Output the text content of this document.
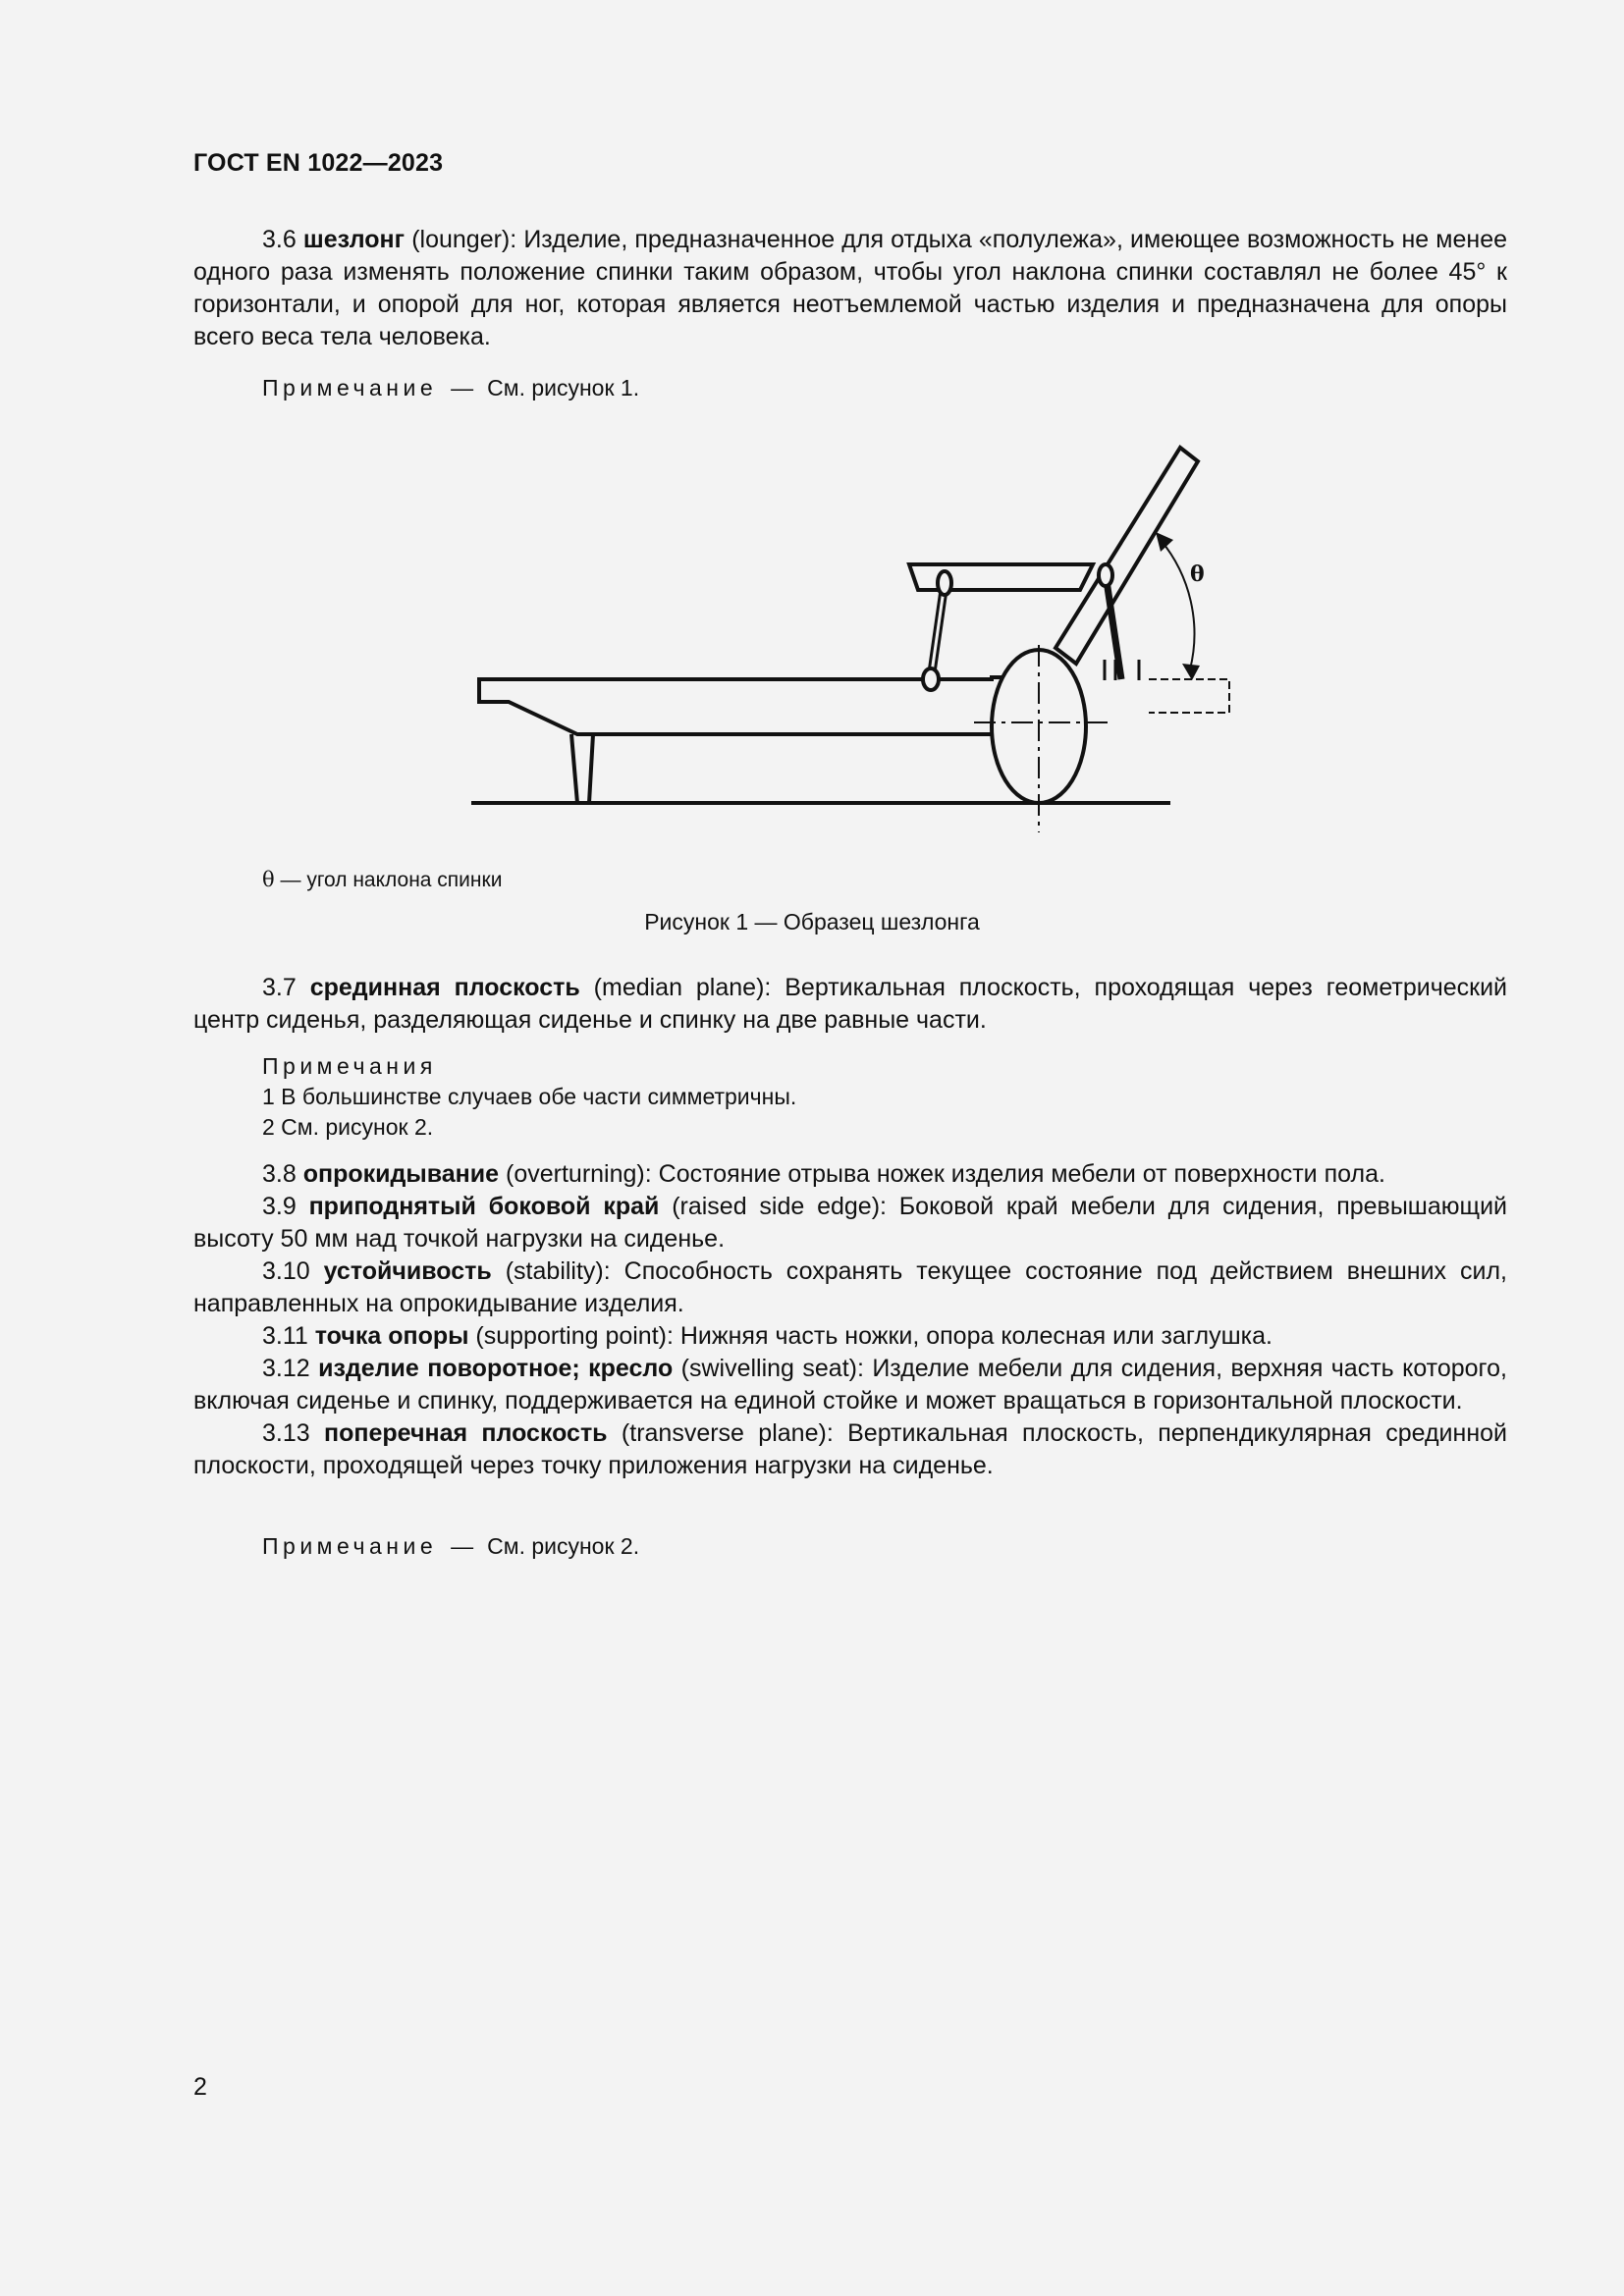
ГОСТ EN 1022—2023

3.6 шезлонг (lounger): Изделие, предназначенное для отдыха «полулежа», имеющее возможность не менее одного раза изменять положение спинки таким образом, чтобы угол наклона спинки составлял не более 45° к горизонтали, и опорой для ног, которая является неотъемлемой частью изделия и предназначена для опоры всего веса тела человека.

Примечание — См. рисунок 1.

θ
θ — угол наклона спинки
Рисунок 1 — Образец шезлонга

3.7 срединная плоскость (median plane): Вертикальная плоскость, проходящая через геометрический центр сиденья, разделяющая сиденье и спинку на две равные части.

Примечания

1 В большинстве случаев обе части симметричны.

2 См. рисунок 2.

3.8 опрокидывание (overturning): Состояние отрыва ножек изделия мебели от поверхности пола.

3.9 приподнятый боковой край (raised side edge): Боковой край мебели для сидения, превышающий высоту 50 мм над точкой нагрузки на сиденье.

3.10 устойчивость (stability): Способность сохранять текущее состояние под действием внешних сил, направленных на опрокидывание изделия.

3.11 точка опоры (supporting point): Нижняя часть ножки, опора колесная или заглушка.

3.12 изделие поворотное; кресло (swivelling seat): Изделие мебели для сидения, верхняя часть которого, включая сиденье и спинку, поддерживается на единой стойке и может вращаться в горизонтальной плоскости.

3.13 поперечная плоскость (transverse plane): Вертикальная плоскость, перпендикулярная срединной плоскости, проходящей через точку приложения нагрузки на сиденье.

Примечание — См. рисунок 2.

2
